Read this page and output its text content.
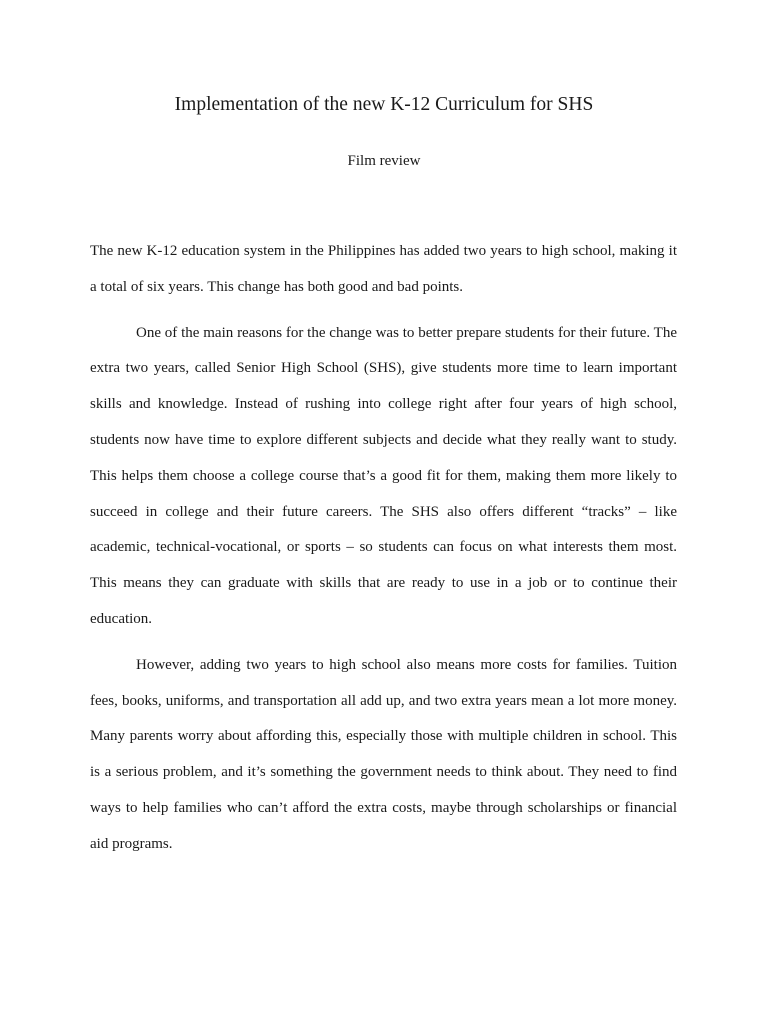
Implementation of the new K-12 Curriculum for SHS

Film review

The new K-12 education system in the Philippines has added two years to high school, making it a total of six years. This change has both good and bad points.

One of the main reasons for the change was to better prepare students for their future. The extra two years, called Senior High School (SHS), give students more time to learn important skills and knowledge. Instead of rushing into college right after four years of high school, students now have time to explore different subjects and decide what they really want to study. This helps them choose a college course that’s a good fit for them, making them more likely to succeed in college and their future careers. The SHS also offers different “tracks” – like academic, technical-vocational, or sports – so students can focus on what interests them most. This means they can graduate with skills that are ready to use in a job or to continue their education.

However, adding two years to high school also means more costs for families. Tuition fees, books, uniforms, and transportation all add up, and two extra years mean a lot more money. Many parents worry about affording this, especially those with multiple children in school. This is a serious problem, and it’s something the government needs to think about. They need to find ways to help families who can’t afford the extra costs, maybe through scholarships or financial aid programs.
